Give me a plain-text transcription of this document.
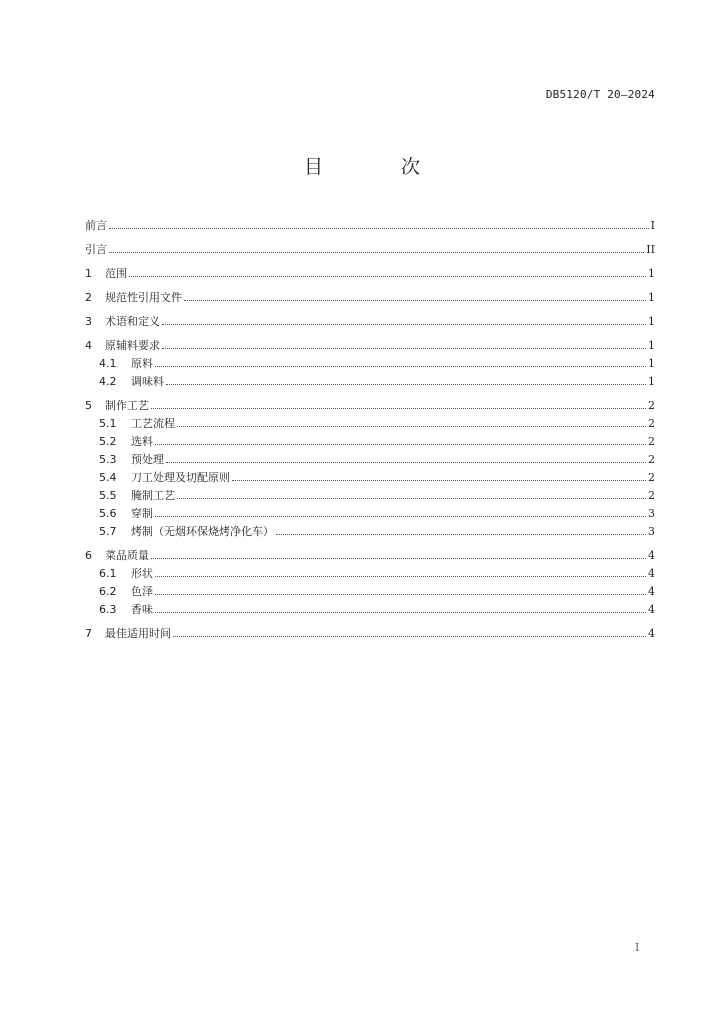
DB5120/T 20—2024
目 次
前言	I
引言	II
1	范围	1
2	规范性引用文件	1
3	术语和定义	1
4	原辅料要求	1
4.1	原料	1
4.2	调味料	1
5	制作工艺	2
5.1	工艺流程	2
5.2	选料	2
5.3	预处理	2
5.4	刀工处理及切配原则	2
5.5	腌制工艺	2
5.6	穿制	3
5.7	烤制（无烟环保烧烤净化车）	3
6	菜品质量	4
6.1	形状	4
6.2	色泽	4
6.3	香味	4
7	最佳适用时间	4
I
